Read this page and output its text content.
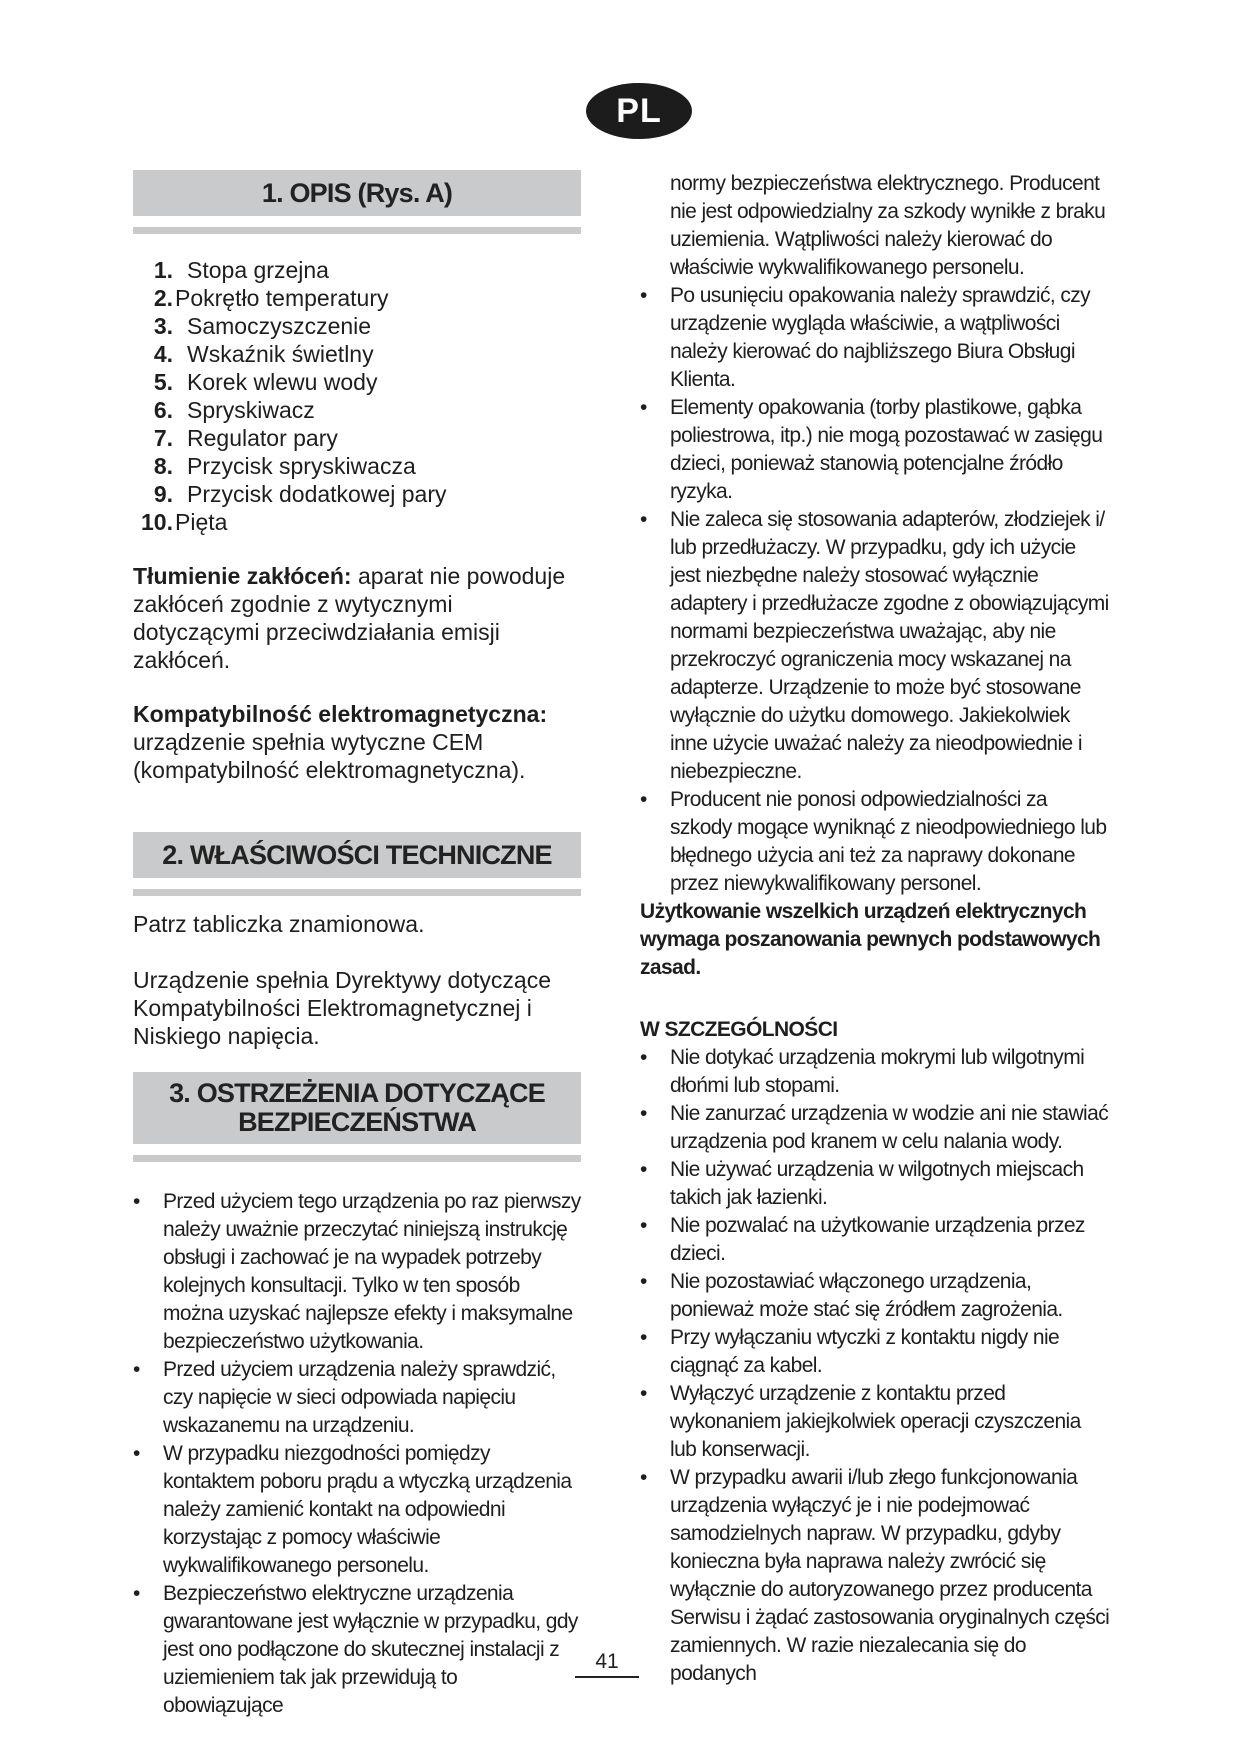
PL
1. OPIS (Rys. A)
1. Stopa grzejna
2. Pokrętło temperatury
3. Samoczyszczenie
4. Wskaźnik świetlny
5. Korek wlewu wody
6. Spryskiwacz
7. Regulator pary
8. Przycisk spryskiwacza
9. Przycisk dodatkowej pary
10. Pięta

Tłumienie zakłóceń: aparat nie powoduje zakłóceń zgodnie z wytycznymi dotyczącymi przeciwdziałania emisji zakłóceń.

Kompatybilność elektromagnetyczna:
urządzenie spełnia wytyczne CEM (kompatybilność elektromagnetyczna).

2. WŁAŚCIWOŚCI TECHNICZNE

Patrz tabliczka znamionowa.

Urządzenie spełnia Dyrektywy dotyczące Kompatybilności Elektromagnetycznej i Niskiego napięcia.

3. OSTRZEŻENIA DOTYCZĄCE
BEZPIECZEŃSTWA
•	Przed użyciem tego urządzenia po raz pierwszy należy uważnie przeczytać niniejszą instrukcję obsługi i zachować je na wypadek potrzeby kolejnych konsultacji. Tylko w ten sposób można uzyskać najlepsze efekty i maksymalne bezpieczeństwo użytkowania.
•	Przed użyciem urządzenia należy sprawdzić, czy napięcie w sieci odpowiada napięciu wskazanemu na urządzeniu.
•	W przypadku niezgodności pomiędzy kontaktem poboru prądu a wtyczką urządzenia należy zamienić kontakt na odpowiedni korzystając z pomocy właściwie wykwalifikowanego personelu.
•	Bezpieczeństwo elektryczne urządzenia gwarantowane jest wyłącznie w przypadku, gdy jest ono podłączone do skutecznej instalacji z uziemieniem tak jak przewidują to obowiązujące

normy bezpieczeństwa elektrycznego. Producent nie jest odpowiedzialny za szkody wynikłe z braku uziemienia. Wątpliwości należy kierować do właściwie wykwalifikowanego personelu.

•	Po usunięciu opakowania należy sprawdzić, czy urządzenie wygląda właściwie, a wątpliwości należy kierować do najbliższego Biura Obsługi Klienta.
•	Elementy opakowania (torby plastikowe, gąbka poliestrowa, itp.) nie mogą pozostawać w zasięgu dzieci, ponieważ stanowią potencjalne źródło ryzyka.
•	Nie zaleca się stosowania adapterów, złodziejek i/ lub przedłużaczy. W przypadku, gdy ich użycie jest niezbędne należy stosować wyłącznie adaptery i przedłużacze zgodne z obowiązującymi normami bezpieczeństwa uważając, aby nie przekroczyć ograniczenia mocy wskazanej na adapterze. Urządzenie to może być stosowane wyłącznie do użytku domowego. Jakiekolwiek inne użycie uważać należy za nieodpowiednie i niebezpieczne.
•	Producent nie ponosi odpowiedzialności za szkody mogące wyniknąć z nieodpowiedniego lub błędnego użycia ani też za naprawy dokonane przez niewykwalifikowany personel.

Użytkowanie wszelkich urządzeń elektrycznych wymaga poszanowania pewnych podstawowych zasad.

W SZCZEGÓLNOŚCI

•	Nie dotykać urządzenia mokrymi lub wilgotnymi dłońmi lub stopami.
•	Nie zanurzać urządzenia w wodzie ani nie stawiać urządzenia pod kranem w celu nalania wody.
•	Nie używać urządzenia w wilgotnych miejscach takich jak łazienki.
•	Nie pozwalać na użytkowanie urządzenia przez dzieci.
•	Nie pozostawiać włączonego urządzenia, ponieważ może stać się źródłem zagrożenia.
•	Przy wyłączaniu wtyczki z kontaktu nigdy nie ciągnąć za kabel.
•	Wyłączyć urządzenie z kontaktu przed wykonaniem jakiejkolwiek operacji czyszczenia lub konserwacji.
•	W przypadku awarii i/lub złego funkcjonowania urządzenia wyłączyć je i nie podejmować samodzielnych napraw. W przypadku, gdyby konieczna była naprawa należy zwrócić się wyłącznie do autoryzowanego przez producenta Serwisu i żądać zastosowania oryginalnych części zamiennych. W razie niezalecania się do podanych
41
